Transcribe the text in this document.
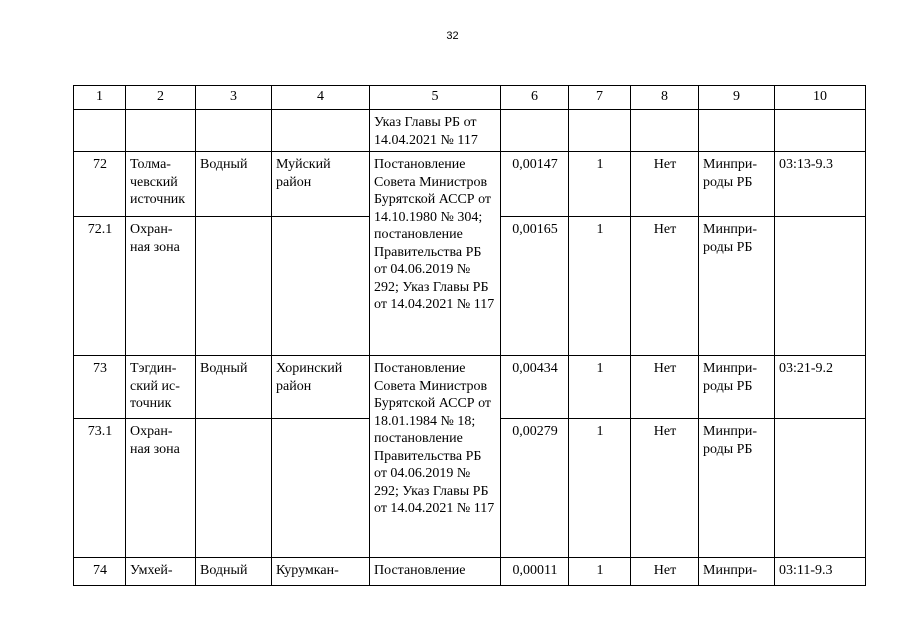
32
1	2	3	4	5	6	7	8	9	10
				Указ Главы РБ от 14.04.2021 № 117					
72	Толма-чевский источник	Водный	Муйский район	Постановление Совета Министров Бурятской АССР от 14.10.1980 № 304; постановление Правительства РБ от 04.06.2019 № 292; Указ Главы РБ от 14.04.2021 № 117	0,00147	1	Нет	Минпри-роды РБ	03:13-9.3
72.1	Охран-ная зона				0,00165	1	Нет	Минпри-роды РБ	
73	Тэгдин-ский ис-точник	Водный	Хоринский район	Постановление Совета Министров Бурятской АССР от 18.01.1984 № 18; постановление Правительства РБ от 04.06.2019 № 292; Указ Главы РБ от 14.04.2021 № 117	0,00434	1	Нет	Минпри-роды РБ	03:21-9.2
73.1	Охран-ная зона				0,00279	1	Нет	Минпри-роды РБ	
74	Умхей-	Водный	Курумкан-	Постановление	0,00011	1	Нет	Минпри-	03:11-9.3
